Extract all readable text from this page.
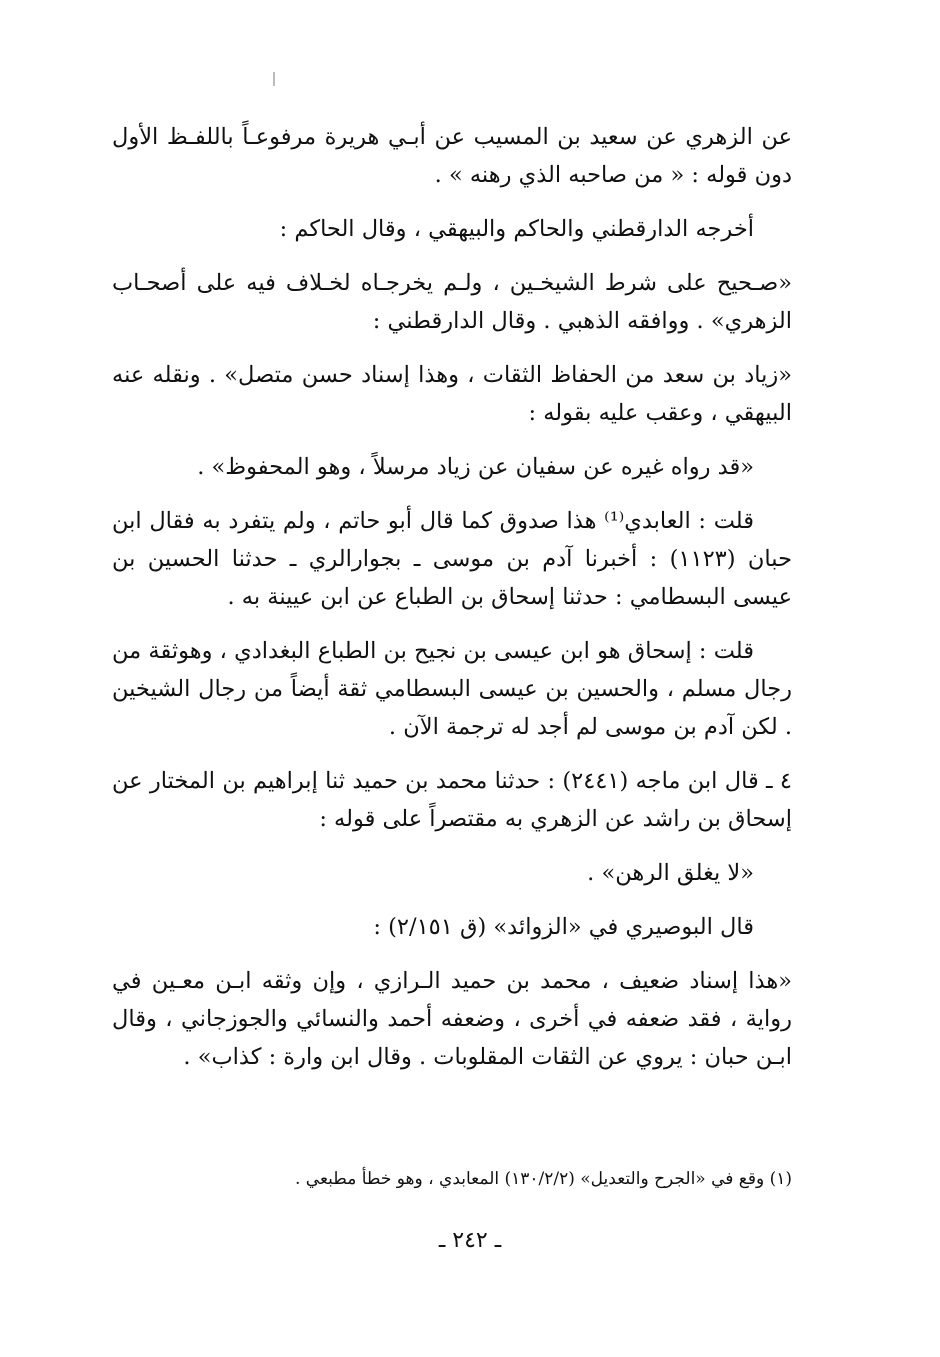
عن الزهري عن سعيد بن المسيب عن أبـي هريرة مرفوعـاً باللفـظ الأول دون قوله : « من صاحبه الذي رهنه » .

أخرجه الدارقطني والحاكم والبيهقي ، وقال الحاكم :

«صـحيح على شرط الشيخـين ، ولـم يخرجـاه لخـلاف فيه على أصحـاب الزهري» . ووافقه الذهبي . وقال الدارقطني :

«زياد بن سعد من الحفاظ الثقات ، وهذا إسناد حسن متصل» . ونقله عنه البيهقي ، وعقب عليه بقوله :

«قد رواه غيره عن سفيان عن زياد مرسلاً ، وهو المحفوظ» .

قلت : العابدي⁽¹⁾ هذا صدوق كما قال أبو حاتم ، ولم يتفرد به فقال ابن حبان (١١٢٣) : أخبرنا آدم بن موسى ـ بجوارالري ـ حدثنا الحسين بن عيسى البسطامي : حدثنا إسحاق بن الطباع عن ابن عيينة به .

قلت : إسحاق هو ابن عيسى بن نجيح بن الطباع البغدادي ، وهوثقة من رجال مسلم ، والحسين بن عيسى البسطامي ثقة أيضاً من رجال الشيخين . لكن آدم بن موسى لم أجد له ترجمة الآن .

٤ ـ قال ابن ماجه (٢٤٤١) : حدثنا محمد بن حميد ثنا إبراهيم بن المختار عن إسحاق بن راشد عن الزهري به مقتصراً على قوله :

«لا يغلق الرهن» .

قال البوصيري في «الزوائد» (ق ٢/١٥١) :

«هذا إسناد ضعيف ، محمد بن حميد الـرازي ، وإن وثقه ابـن معـين في رواية ، فقد ضعفه في أخرى ، وضعفه أحمد والنسائي والجوزجاني ، وقال ابـن حبان : يروي عن الثقات المقلوبات . وقال ابن وارة : كذاب» .

(١) وقع في «الجرح والتعديل» (١٣٠/٢/٢) المعابدي ، وهو خطأ مطبعي .
ـ ٢٤٢ ـ
